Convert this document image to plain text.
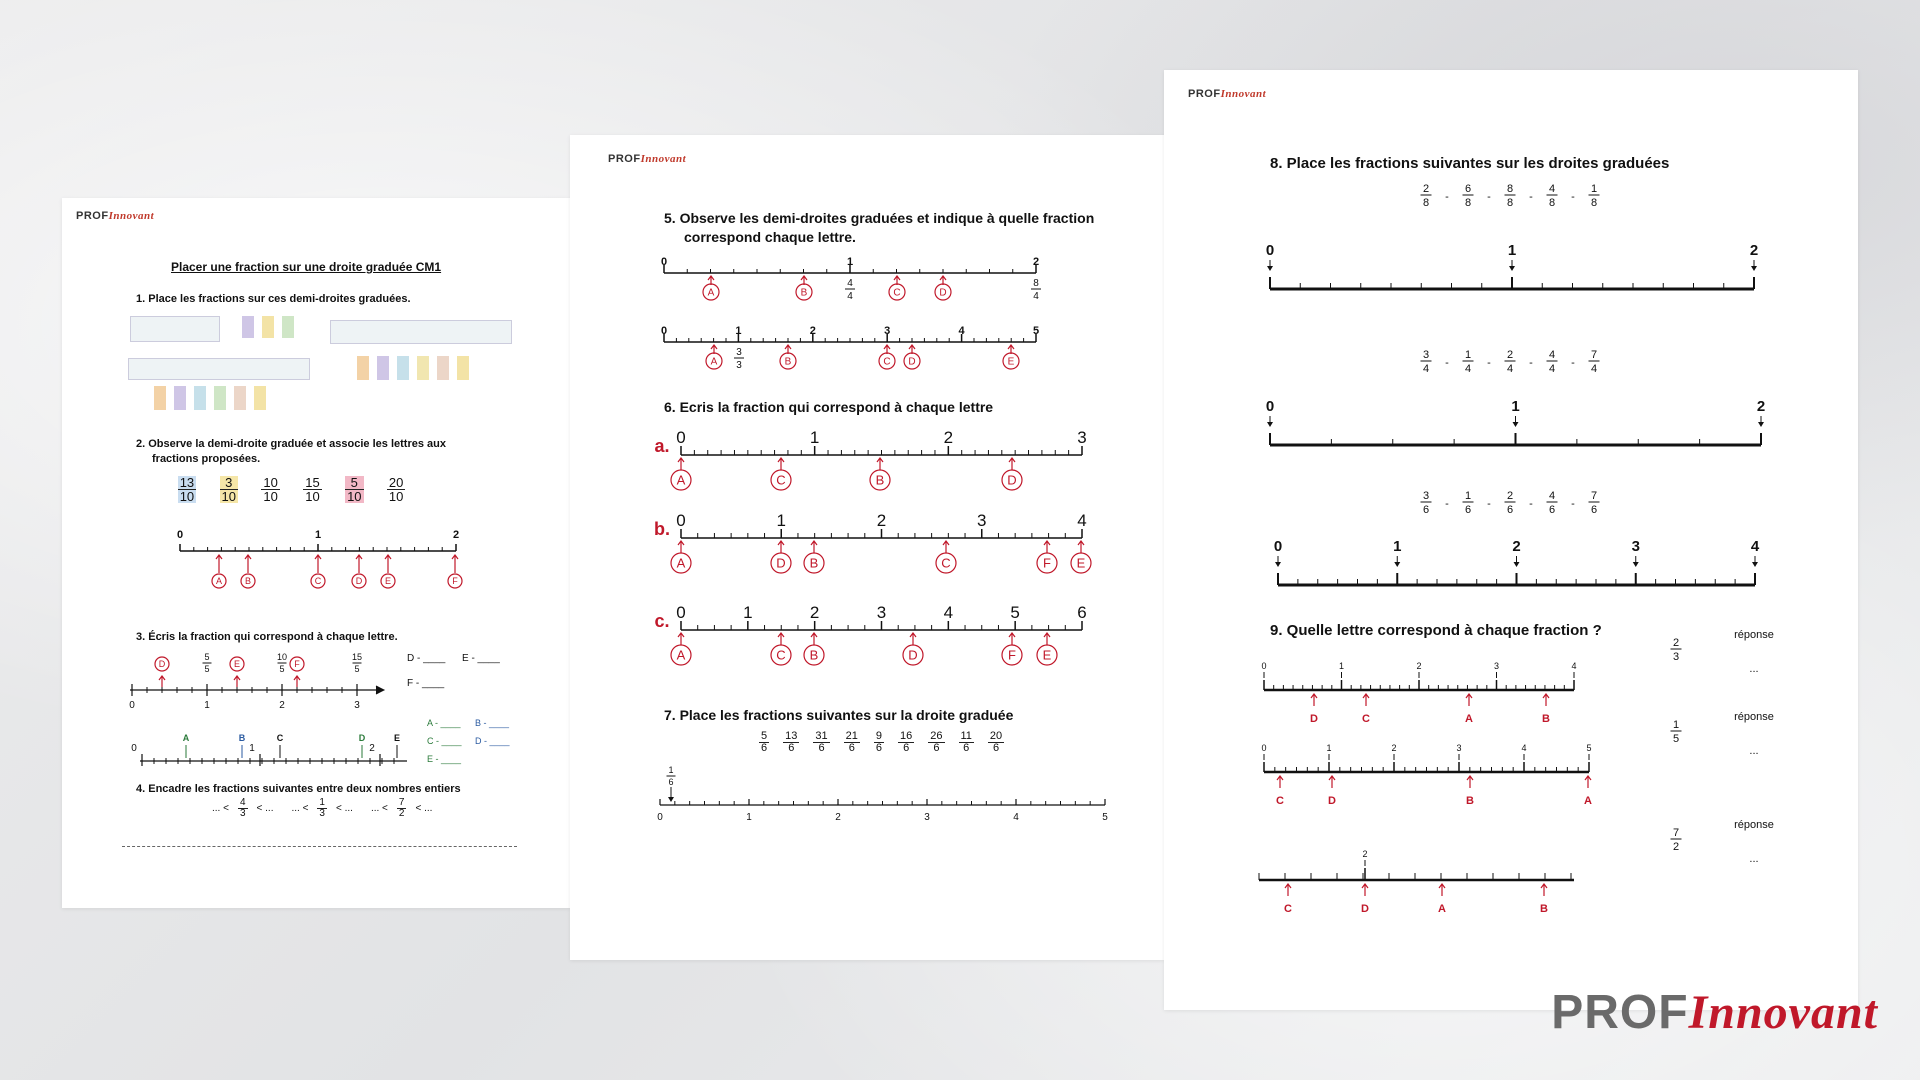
PROFInnovant
Placer une fraction sur une droite graduée CM1
1. Place les fractions sur ces demi-droites graduées.
2. Observe la demi-droite graduée et associe les lettres aux
fractions proposées.
$\frac{13}{10} \frac{3}{10} \frac{10}{10} \frac{15}{10} \frac{5}{10} \frac{20}{10}$
0	1	2
A	B	C	D	E	F
3. Écris la fraction qui correspond à chaque lettre.
0	1	2	3
D	E	F
5
5
10
5
15
5
0	1	2
A	B	C	D	E
D - ____ E - ____
F - ____
A - ____ B - ____
C - ____ D - ____
E - ____
4. Encadre les fractions suivantes entre deux nombres entiers
... < $\frac{4}{3}$ < ... ... < $\frac{1}{3}$ < ... ... < $\frac{7}{2}$ < ...
PROFInnovant
5. Observe les demi-droites graduées et indique à quelle fraction
correspond chaque lettre.
0	1	2
A	B	C	D
4
4
8
4
0	1	2	3	4	5
A	B	C D	E
3
3
6. Ecris la fraction qui correspond à chaque lettre
a. 0	1	2	3
A	C	B	D
b. 0	1	2	3	4
A	D B	C	F E
c. 0	1	2	3	4	5	6
A	C B	D	F E
7. Place les fractions suivantes sur la droite graduée
$\frac{5}{6} \frac{13}{6} \frac{31}{6} \frac{21}{6} \frac{9}{6} \frac{16}{6} \frac{26}{6} \frac{11}{6} \frac{20}{6}$
0	1	2	3	4	5
1
6
PROFInnovant
8. Place les fractions suivantes sur les droites graduées
2
8 -
6
8 -
8
8 -
4
8 -
1
8
0	1	2
3
4 -
1
4 -
2
4 -
4
4 -
7
4
0	1	2
3
6 -
1
6 -
2
6 -
4
6 -
7
6
0	1	2	3	4
9. Quelle lettre correspond à chaque fraction ?
0	1	2	3	4
D	C	A	B
2
3
réponse
...
0	1	2	3	4	5
C	D	B	A
1
5
réponse
...
2
C	D	A	B
7
2
réponse
...
PROFInnovant
